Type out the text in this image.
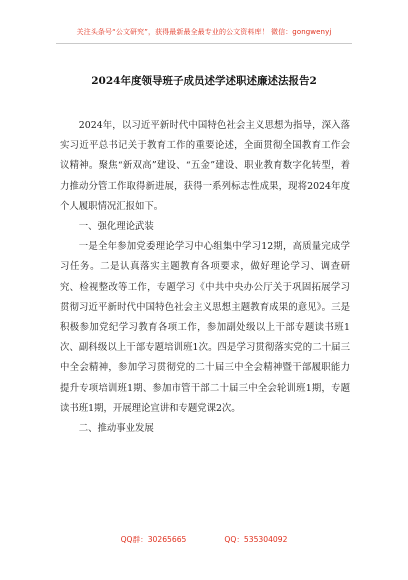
关注头条号“公文研究”，获得最新最全最专业的公文资料库！ 微信：gongwenyj
2024年度领导班子成员述学述职述廉述法报告2

2024年，以习近平新时代中国特色社会主义思想为指导，深入落实习近平总书记关于教育工作的重要论述，全面贯彻全国教育工作会议精神。聚焦“新双高”建设、“五金”建设、职业教育数字化转型，着力推动分管工作取得新进展，获得一系列标志性成果，现将2024年度个人履职情况汇报如下。

一、强化理论武装

一是全年参加党委理论学习中心组集中学习12期，高质量完成学习任务。二是认真落实主题教育各项要求，做好理论学习、调查研究、检视整改等工作，专题学习《中共中央办公厅关于巩固拓展学习贯彻习近平新时代中国特色社会主义思想主题教育成果的意见》。三是积极参加党纪学习教育各项工作，参加副处级以上干部专题读书班1次、副科级以上干部专题培训班1次。四是学习贯彻落实党的二十届三中全会精神，参加学习贯彻党的二十届三中全会精神暨干部履职能力提升专项培训班1期、参加市管干部二十届三中全会轮训班1期，专题读书班1期，开展理论宣讲和专题党课2次。

二、推动事业发展

QQ群：30265665	QQ：535304092
